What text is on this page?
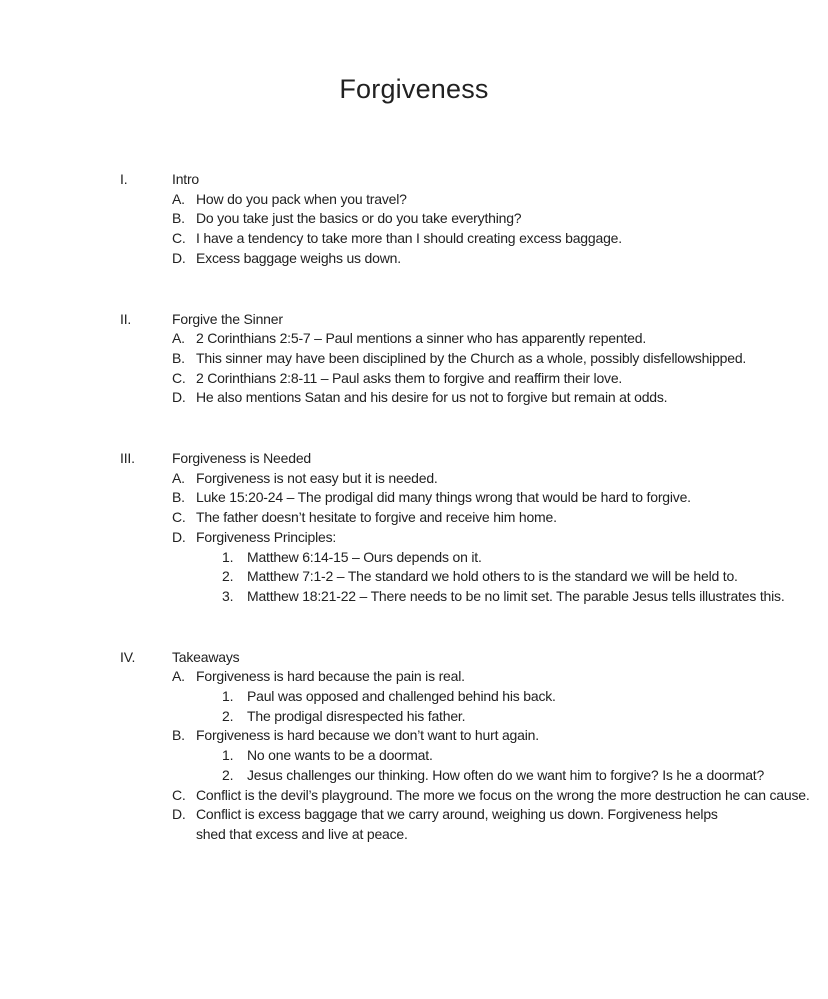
Forgiveness
I.	Intro
A. How do you pack when you travel?
B. Do you take just the basics or do you take everything?
C. I have a tendency to take more than I should creating excess baggage.
D. Excess baggage weighs us down.
II.	Forgive the Sinner
A. 2 Corinthians 2:5-7 – Paul mentions a sinner who has apparently repented.
B. This sinner may have been disciplined by the Church as a whole, possibly disfellowshipped.
C. 2 Corinthians 2:8-11 – Paul asks them to forgive and reaffirm their love.
D. He also mentions Satan and his desire for us not to forgive but remain at odds.
III.	Forgiveness is Needed
A. Forgiveness is not easy but it is needed.
B. Luke 15:20-24 – The prodigal did many things wrong that would be hard to forgive.
C. The father doesn’t hesitate to forgive and receive him home.
D. Forgiveness Principles:
1. Matthew 6:14-15 – Ours depends on it.
2. Matthew 7:1-2 – The standard we hold others to is the standard we will be held to.
3. Matthew 18:21-22 – There needs to be no limit set. The parable Jesus tells illustrates this.
IV.	Takeaways
A. Forgiveness is hard because the pain is real.
1. Paul was opposed and challenged behind his back.
2. The prodigal disrespected his father.
B. Forgiveness is hard because we don’t want to hurt again.
1. No one wants to be a doormat.
2. Jesus challenges our thinking. How often do we want him to forgive? Is he a doormat?
C. Conflict is the devil’s playground. The more we focus on the wrong the more destruction he can cause.
D. Conflict is excess baggage that we carry around, weighing us down. Forgiveness helps shed that excess and live at peace.
